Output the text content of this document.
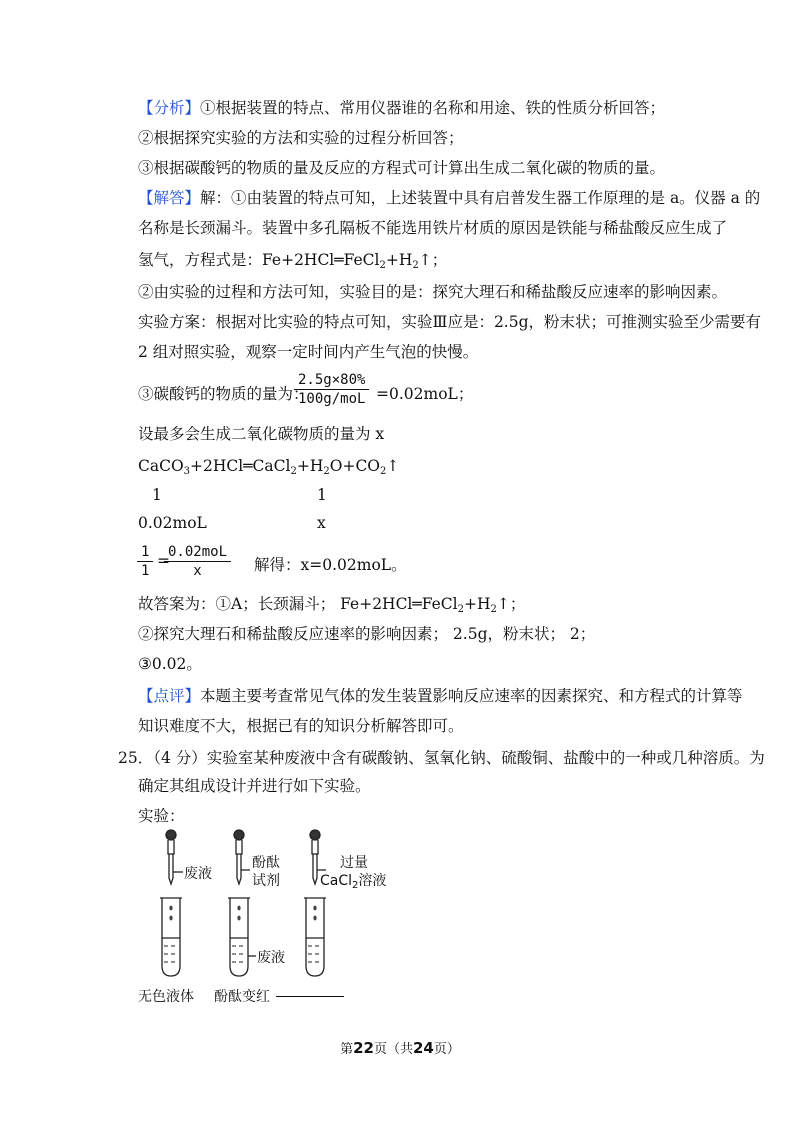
【分析】①根据装置的特点、常用仪器谁的名称和用途、铁的性质分析回答；
②根据探究实验的方法和实验的过程分析回答；
③根据碳酸钙的物质的量及反应的方程式可计算出生成二氧化碳的物质的量。
【解答】解：①由装置的特点可知，上述装置中具有启普发生器工作原理的是 a。仪器 a 的
名称是长颈漏斗。装置中多孔隔板不能选用铁片材质的原因是铁能与稀盐酸反应生成了
氢气，方程式是：$Fe+2HCl═FeCl_2+H_2↑$；
②由实验的过程和方法可知，实验目的是：探究大理石和稀盐酸反应速率的影响因素。
实验方案：根据对比实验的特点可知，实验Ⅲ应是：2.5g，粉末状；可推测实验至少需要有
2 组对照实验，观察一定时间内产生气泡的快慢。
③碳酸钙的物质的量为：
2.5g×80%
100g/moL =0.02moL；
设最多会生成二氧化碳物质的量为 x
$CaCO_3+2HCl═CaCl_2+H_2O+CO_2↑$
1	1
0.02moL	x
$\frac{1}{1}$ =
0.02moL
x	解得：x=0.02moL。
故答案为：①A；长颈漏斗； $Fe+2HCl═FeCl_2+H_2↑$；
②探究大理石和稀盐酸反应速率的影响因素； 2.5g，粉末状； 2；
③0.02。
【点评】本题主要考查常见气体的发生装置影响反应速率的因素探究、和方程式的计算等
知识难度不大，根据已有的知识分析解答即可。
25．（4 分）实验室某种废液中含有碳酸钠、氢氧化钠、硫酸铜、盐酸中的一种或几种溶质。为
确定其组成设计并进行如下实验。
实验：
废液
酚酞
试剂
过量
CaCl$_2$溶液
废液
无色液体 酚酞变红
第22页（共24页）
